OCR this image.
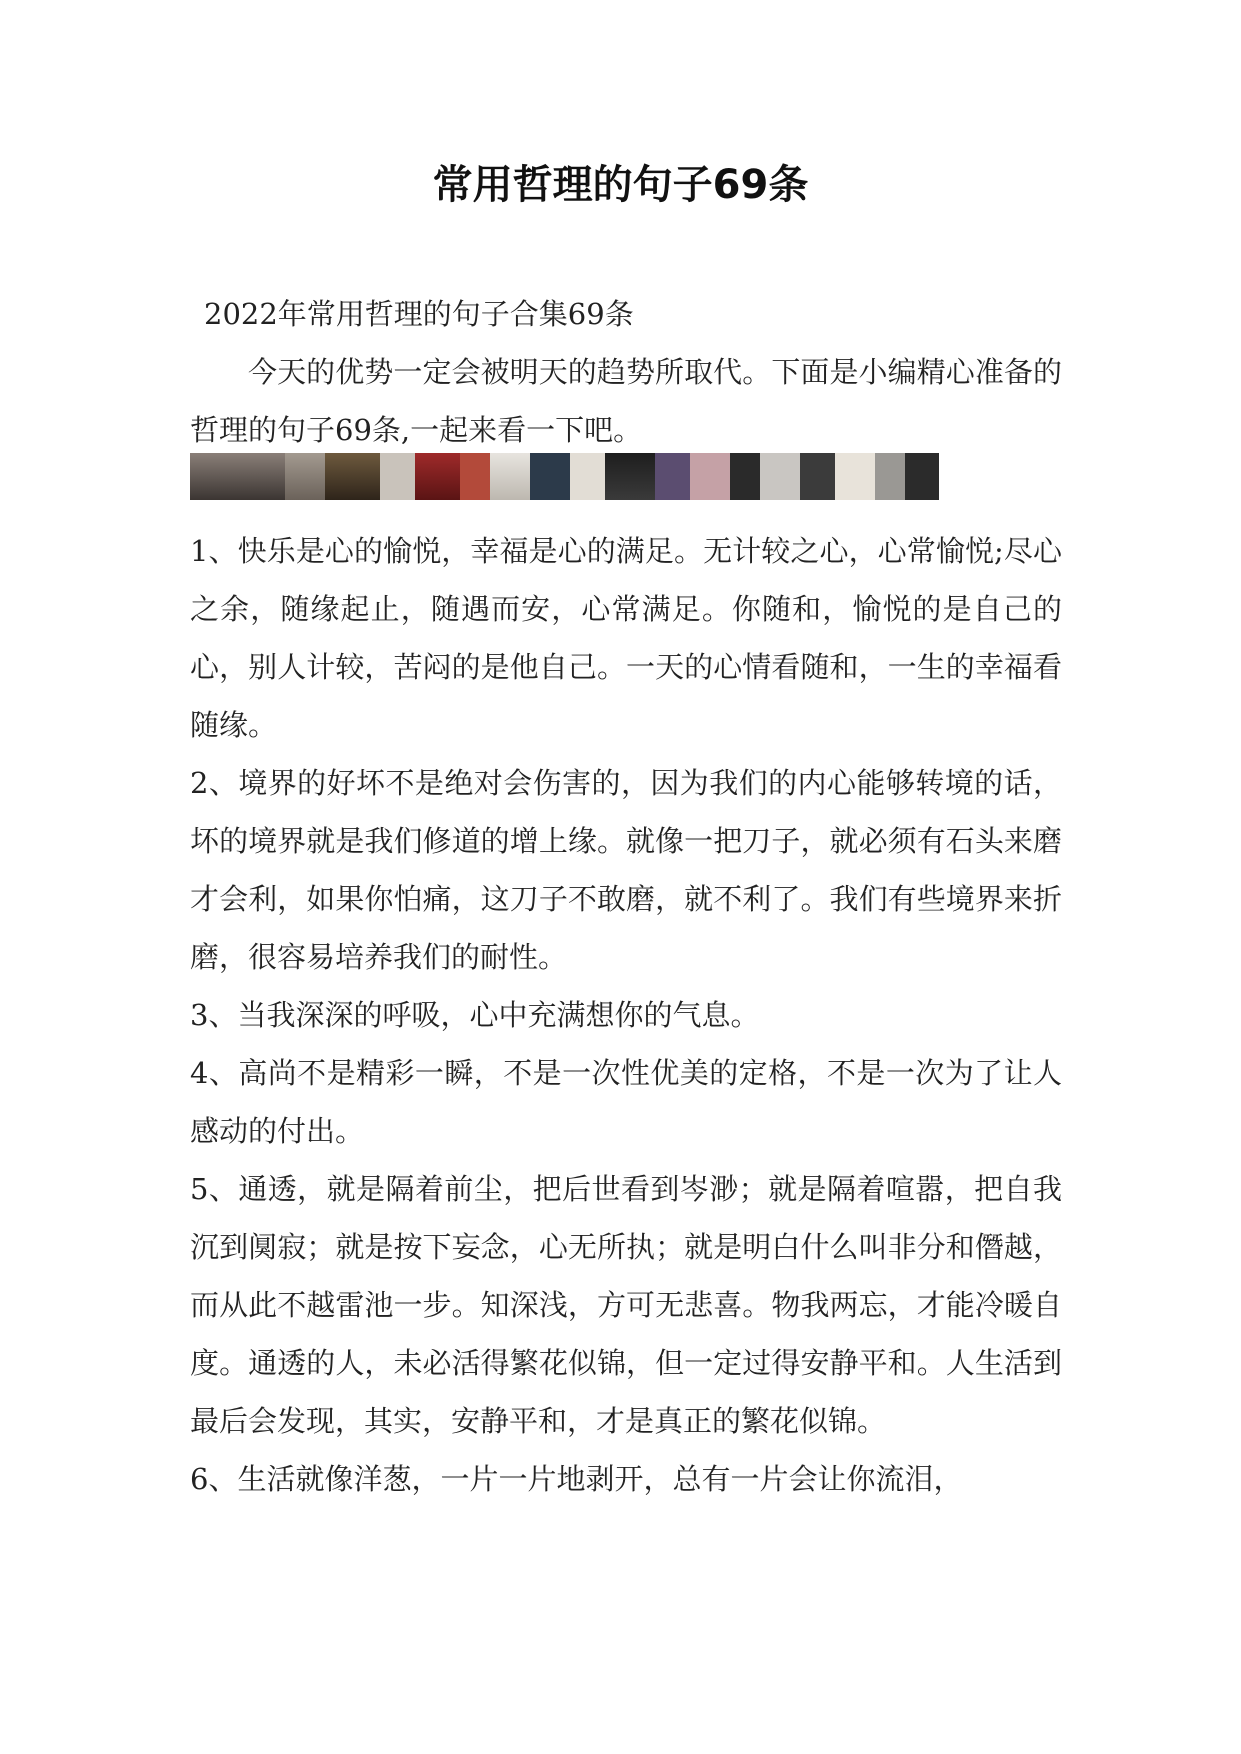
常用哲理的句子69条
2022年常用哲理的句子合集69条
今天的优势一定会被明天的趋势所取代。下面是小编精心准备的哲理的句子69条,一起来看一下吧。

1、快乐是心的愉悦，幸福是心的满足。无计较之心，心常愉悦;尽心之余，随缘起止，随遇而安，心常满足。你随和，愉悦的是自己的心，别人计较，苦闷的是他自己。一天的心情看随和，一生的幸福看随缘。

2、境界的好坏不是绝对会伤害的，因为我们的内心能够转境的话，坏的境界就是我们修道的增上缘。就像一把刀子，就必须有石头来磨才会利，如果你怕痛，这刀子不敢磨，就不利了。我们有些境界来折磨，很容易培养我们的耐性。

3、当我深深的呼吸，心中充满想你的气息。

4、高尚不是精彩一瞬，不是一次性优美的定格，不是一次为了让人感动的付出。

5、通透，就是隔着前尘，把后世看到岑渺；就是隔着喧嚣，把自我沉到阒寂；就是按下妄念，心无所执；就是明白什么叫非分和僭越，而从此不越雷池一步。知深浅，方可无悲喜。物我两忘，才能冷暖自度。通透的人，未必活得繁花似锦，但一定过得安静平和。人生活到最后会发现，其实，安静平和，才是真正的繁花似锦。

6、生活就像洋葱，一片一片地剥开，总有一片会让你流泪，
